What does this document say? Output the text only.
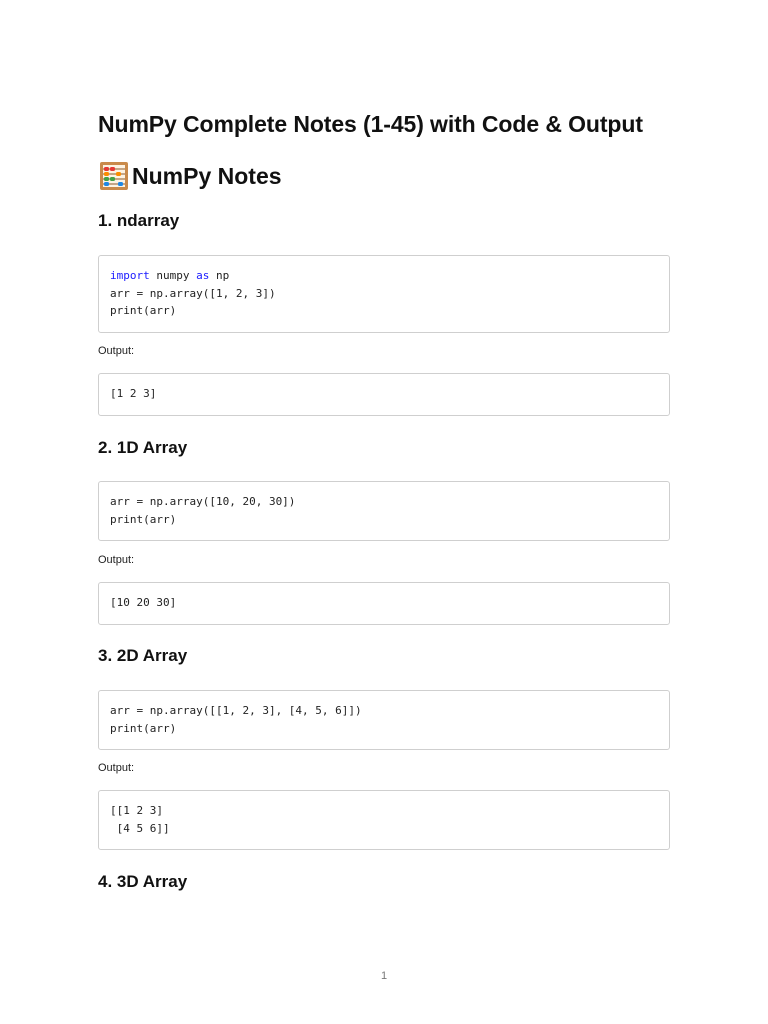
NumPy Complete Notes (1-45) with Code & Output
NumPy Notes
1. ndarray
import numpy as np
arr = np.array([1, 2, 3])
print(arr)
Output:
[1 2 3]
2. 1D Array
arr = np.array([10, 20, 30])
print(arr)
Output:
[10 20 30]
3. 2D Array
arr = np.array([[1, 2, 3], [4, 5, 6]])
print(arr)
Output:
[[1 2 3]
[4 5 6]]
4. 3D Array
1
